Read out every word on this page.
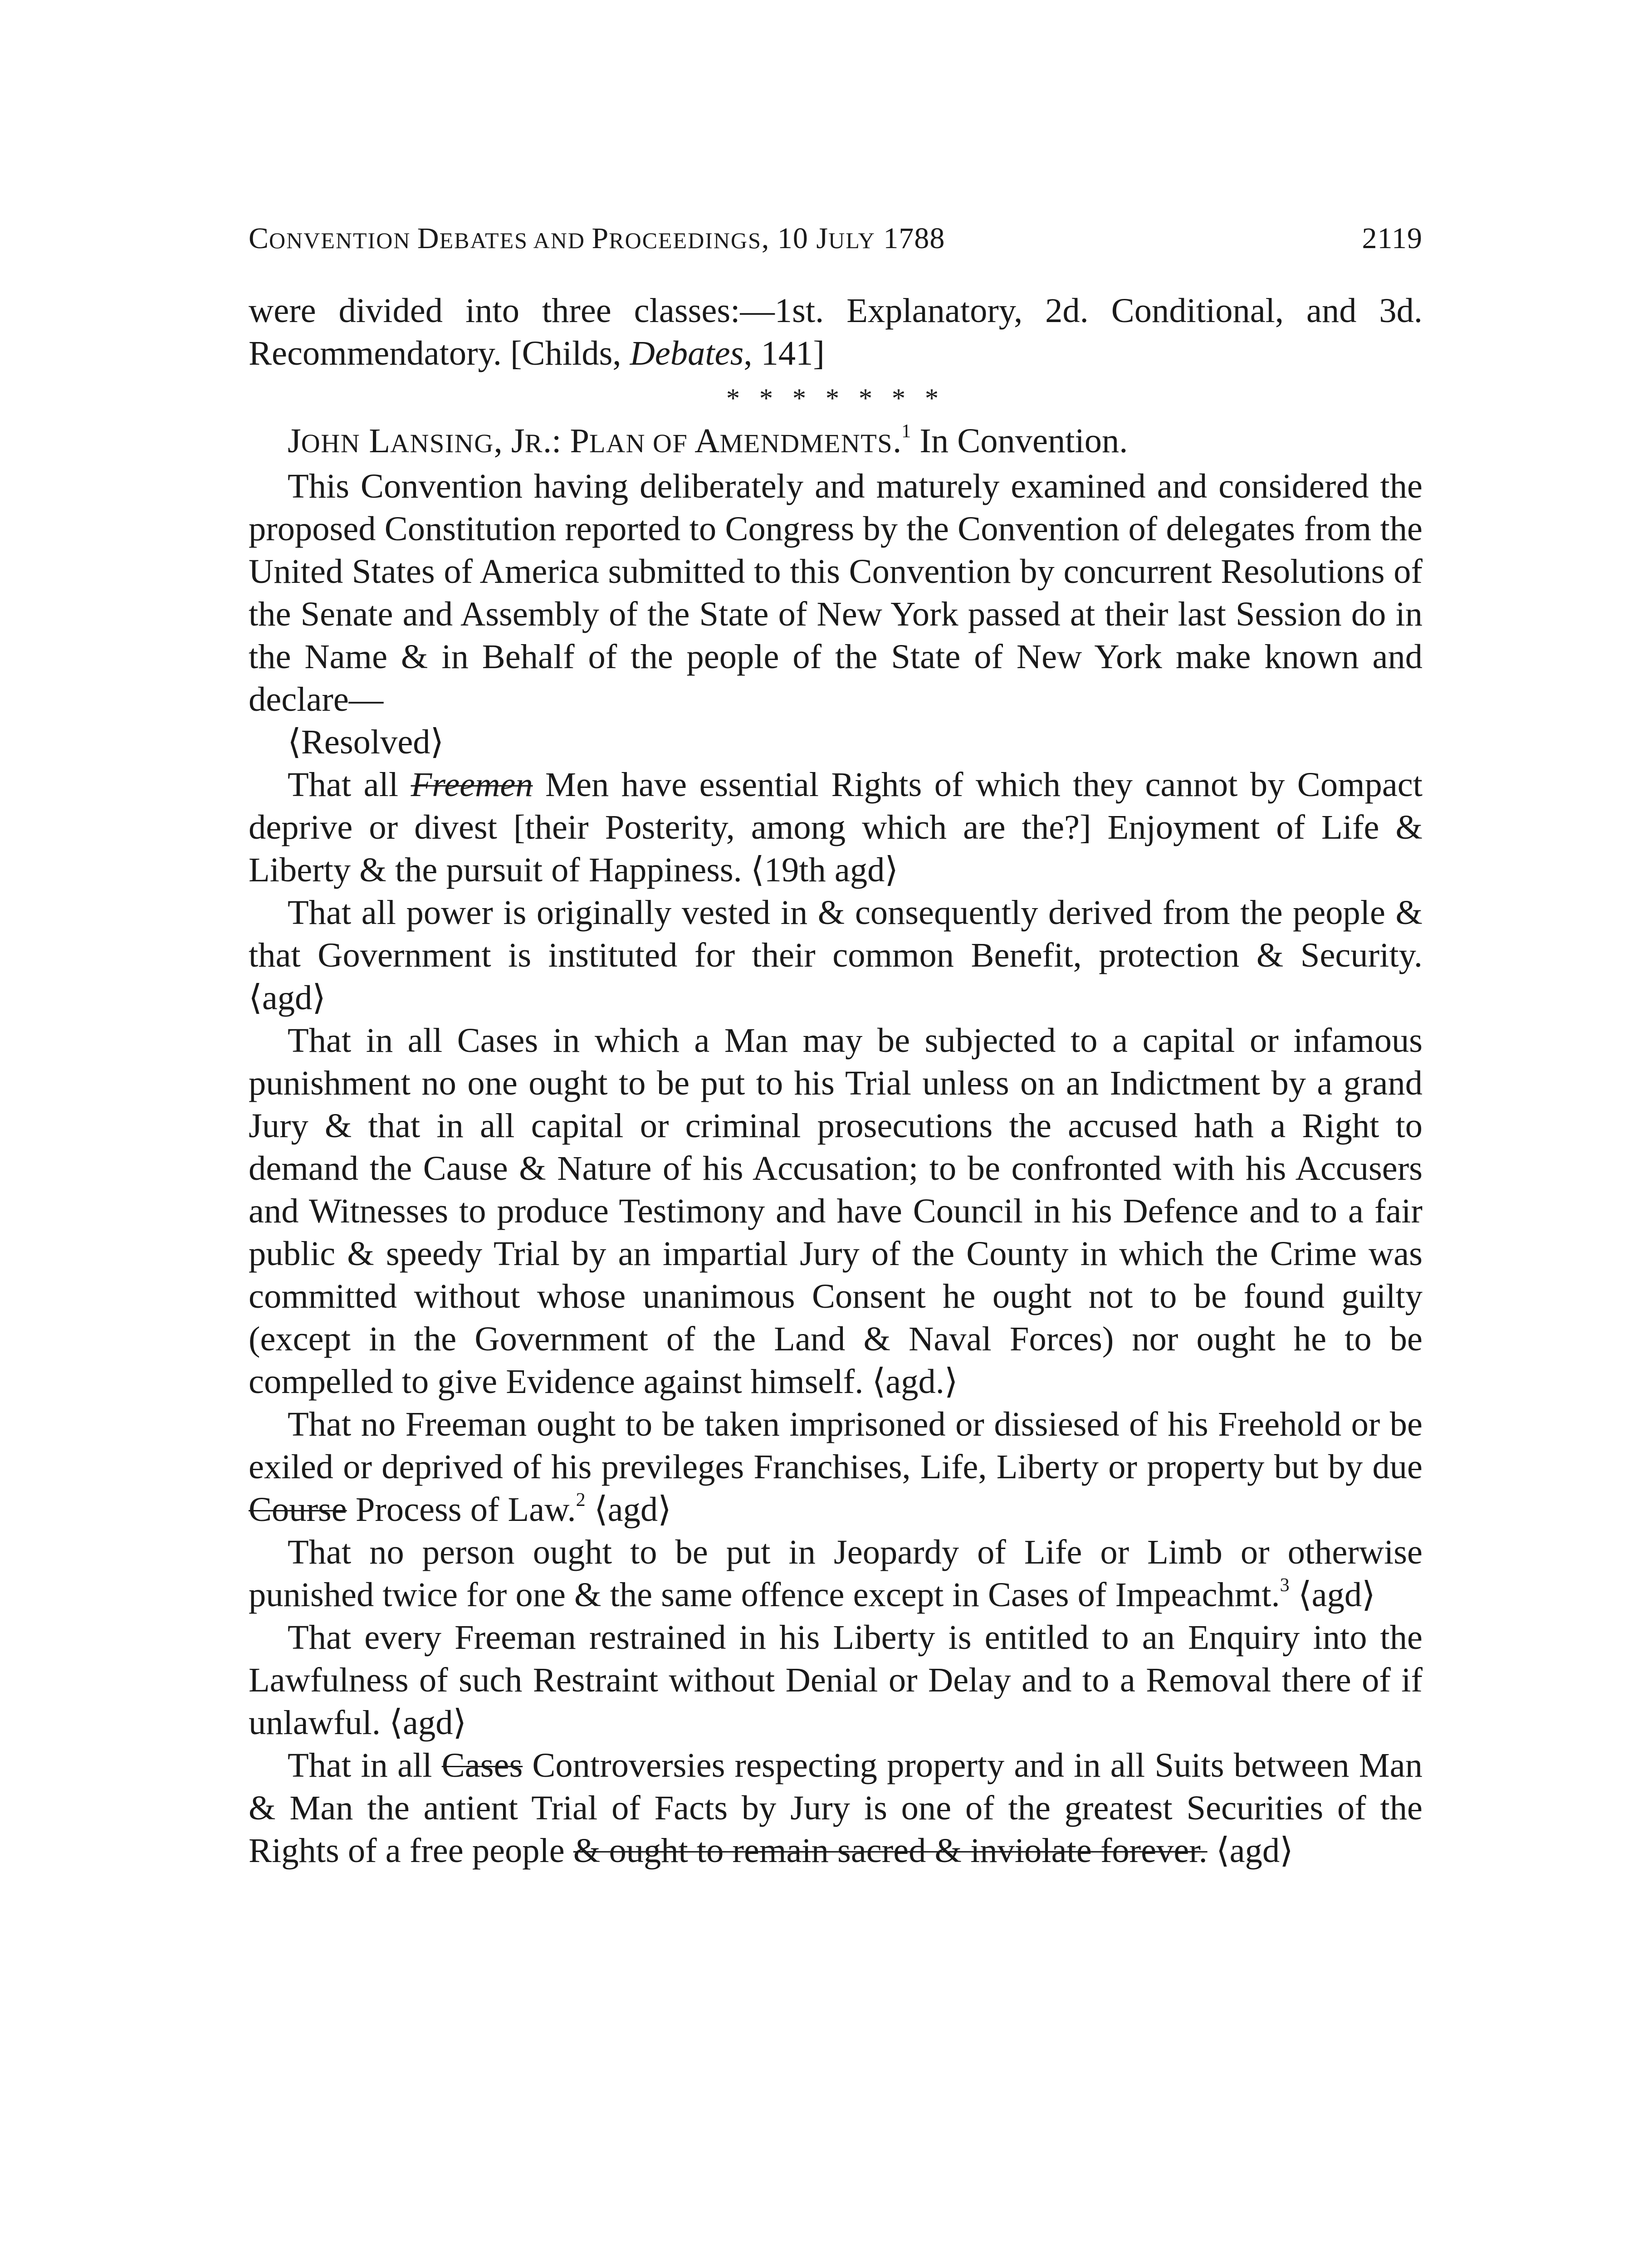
CONVENTION DEBATES AND PROCEEDINGS, 10 JULY 1788	2119

were divided into three classes:—1st. Explanatory, 2d. Conditional, and 3d. Recommendatory. [Childs, Debates, 141]

* * * * * * *

JOHN LANSING, JR.: PLAN OF AMENDMENTS.$^1$ In Convention.

This Convention having deliberately and maturely examined and considered the proposed Constitution reported to Congress by the Convention of delegates from the United States of America submitted to this Convention by concurrent Resolutions of the Senate and Assembly of the State of New York passed at their last Session do in the Name & in Behalf of the people of the State of New York make known and declare—

⟨Resolved⟩

That all Freemen Men have essential Rights of which they cannot by Compact deprive or divest [their Posterity, among which are the?] Enjoyment of Life & Liberty & the pursuit of Happiness. ⟨19th agd⟩

That all power is originally vested in & consequently derived from the people & that Government is instituted for their common Benefit, protection & Security. ⟨agd⟩

That in all Cases in which a Man may be subjected to a capital or infamous punishment no one ought to be put to his Trial unless on an Indictment by a grand Jury & that in all capital or criminal prosecutions the accused hath a Right to demand the Cause & Nature of his Accusation; to be confronted with his Accusers and Witnesses to produce Testimony and have Council in his Defence and to a fair public & speedy Trial by an impartial Jury of the County in which the Crime was committed without whose unanimous Consent he ought not to be found guilty (except in the Government of the Land & Naval Forces) nor ought he to be compelled to give Evidence against himself. ⟨agd.⟩

That no Freeman ought to be taken imprisoned or dissiesed of his Freehold or be exiled or deprived of his previleges Franchises, Life, Liberty or property but by due Course Process of Law.$^2$ ⟨agd⟩

That no person ought to be put in Jeopardy of Life or Limb or otherwise punished twice for one & the same offence except in Cases of Impeachmt.$^3$ ⟨agd⟩

That every Freeman restrained in his Liberty is entitled to an Enquiry into the Lawfulness of such Restraint without Denial or Delay and to a Removal there of if unlawful. ⟨agd⟩

That in all Cases Controversies respecting property and in all Suits between Man & Man the antient Trial of Facts by Jury is one of the greatest Securities of the Rights of a free people & ought to remain sacred & inviolate forever. ⟨agd⟩
